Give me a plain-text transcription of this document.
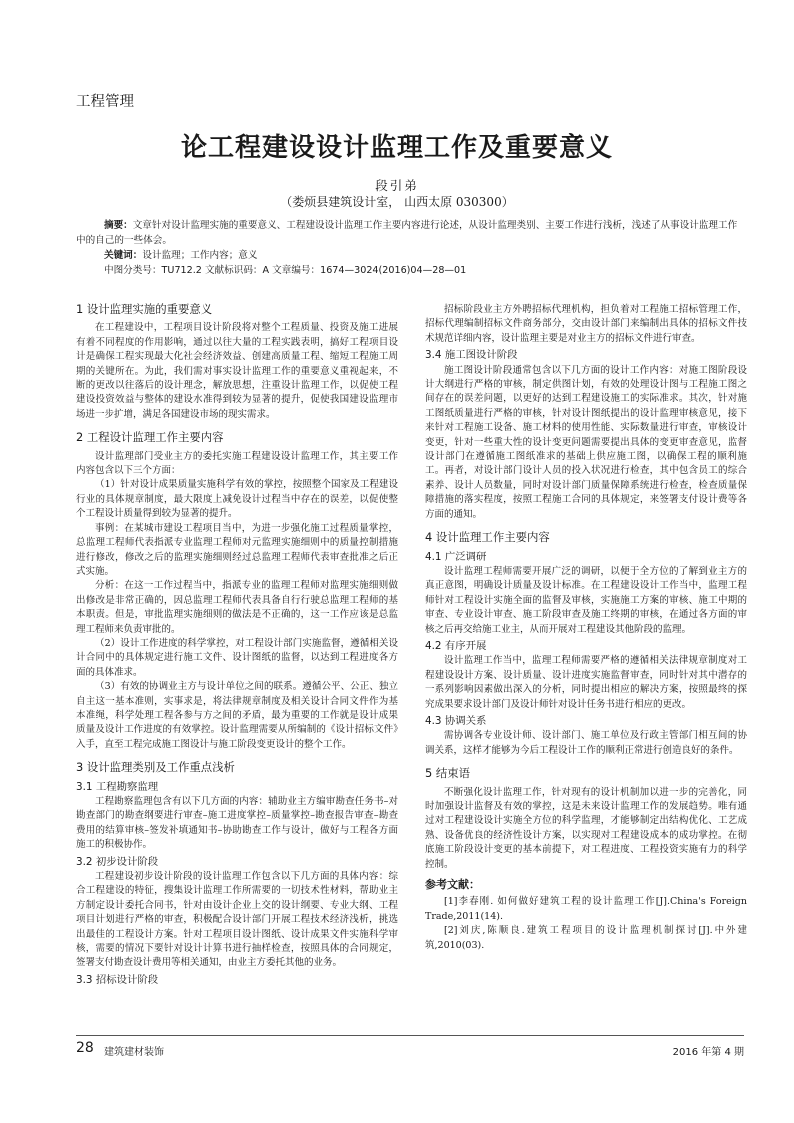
工程管理
论工程建设设计监理工作及重要意义
段引弟
（娄烦县建筑设计室， 山西太原 030300）

摘要：文章针对设计监理实施的重要意义、工程建设设计监理工作主要内容进行论述，从设计监理类别、主要工作进行浅析，浅述了从事设计监理工作中的自己的一些体会。

关键词：设计监理；工作内容；意义

中图分类号：TU712.2 文献标识码：A 文章编号：1674—3024(2016)04—28—01

1 设计监理实施的重要意义

在工程建设中，工程项目设计阶段将对整个工程质量、投资及施工进展有着不同程度的作用影响，通过以往大量的工程实践表明，搞好工程项目设计是确保工程实现最大化社会经济效益、创建高质量工程、缩短工程施工周期的关键所在。为此，我们需对事实设计监理工作的重要意义重视起来，不断的更改以往落后的设计理念，解放思想，注重设计监理工作，以促使工程建设投资效益与整体的建设水准得到较为显著的提升，促使我国建设监理市场进一步扩增，满足各国建设市场的现实需求。

2 工程设计监理工作主要内容

设计监理部门受业主方的委托实施工程建设设计监理工作，其主要工作内容包含以下三个方面：

（1）针对设计成果质量实施科学有效的掌控，按照整个国家及工程建设行业的具体规章制度，最大限度上减免设计过程当中存在的误差，以促使整个工程设计质量得到较为显著的提升。

事例：在某城市建设工程项目当中，为进一步强化施工过程质量掌控，总监理工程师代表指派专业监理工程师对元监理实施细则中的质量控制措施进行修改，修改之后的监理实施细则经过总监理工程师代表审查批准之后正式实施。

分析：在这一工作过程当中，指派专业的监理工程师对监理实施细则做出修改是非常正确的，因总监理工程师代表具备自行行驶总监理工程师的基本职责。但是，审批监理实施细则的做法是不正确的，这一工作应该是总监理工程师来负责审批的。

（2）设计工作进度的科学掌控，对工程设计部门实施监督，遵循相关设计合同中的具体规定进行施工文件、设计图纸的监督，以达到工程进度各方面的具体准求。

（3）有效的协调业主方与设计单位之间的联系。遵循公平、公正、独立自主这一基本准则，实事求是，将法律规章制度及相关设计合同文件作为基本准绳，科学处理工程各参与方之间的矛盾，最为重要的工作就是设计成果质量及设计工作进度的有效掌控。设计监理需要从所编制的《设计招标文件》入手，直至工程完成施工图设计与施工阶段变更设计的整个工作。

3 设计监理类别及工作重点浅析
3.1 工程勘察监理

工程勘察监理包含有以下几方面的内容：辅助业主方编审勘查任务书–对勘查部门的勘查纲要进行审查–施工进度掌控–质量掌控–勘查报告审查–勘查费用的结算审核–签发补填通知书–协助勘查工作与设计，做好与工程各方面施工的积极协作。

3.2 初步设计阶段

工程建设初步设计阶段的设计监理工作包含以下几方面的具体内容：综合工程建设的特征，搜集设计监理工作所需要的一切技术性材料，帮助业主方制定设计委托合同书，针对由设计企业上交的设计纲要、专业大纲、工程项目计划进行严格的审查，积极配合设计部门开展工程技术经济浅析，挑选出最佳的工程设计方案。针对工程项目设计图纸、设计成果文件实施科学审核，需要的情况下要针对设计计算书进行抽样检查，按照具体的合同规定，签署支付勘查设计费用等相关通知，由业主方委托其他的业务。

3.3 招标设计阶段

招标阶段业主方外聘招标代理机构，担负着对工程施工招标管理工作，招标代理编制招标文件商务部分，交由设计部门来编制出具体的招标文件技术规范详细内容，设计监理主要是对业主方的招标文件进行审查。

3.4 施工图设计阶段

施工图设计阶段通常包含以下几方面的设计工作内容：对施工图阶段设计大纲进行严格的审核，制定供图计划，有效的处理设计图与工程施工图之间存在的误差问题，以更好的达到工程建设施工的实际准求。其次，针对施工图纸质量进行严格的审核，针对设计图纸提出的设计监理审核意见，接下来针对工程施工设备、施工材料的使用性能、实际数量进行审查，审核设计变更，针对一些重大性的设计变更问题需要提出具体的变更审查意见，监督设计部门在遵循施工图纸准求的基础上供应施工图，以确保工程的顺利施工。再者，对设计部门设计人员的投入状况进行检查，其中包含员工的综合素养、设计人员数量，同时对设计部门质量保障系统进行检查，检查质量保障措施的落实程度，按照工程施工合同的具体规定，来签署支付设计费等各方面的通知。

4 设计监理工作主要内容
4.1 广泛调研

设计监理工程师需要开展广泛的调研，以便于全方位的了解到业主方的真正意图，明确设计质量及设计标准。在工程建设设计工作当中，监理工程师针对工程设计实施全面的监督及审核，实施施工方案的审核、施工中期的审查、专业设计审查、施工阶段审查及施工终期的审核，在通过各方面的审核之后再交给施工业主，从而开展对工程建设其他阶段的监理。

4.2 有序开展

设计监理工作当中，监理工程师需要严格的遵循相关法律规章制度对工程建设设计方案、设计质量、设计进度实施监督审查，同时针对其中潜存的一系列影响因素做出深入的分析，同时提出相应的解决方案，按照最终的探究成果要求设计部门及设计师针对设计任务书进行相应的更改。

4.3 协调关系

需协调各专业设计师、设计部门、施工单位及行政主管部门相互间的协调关系，这样才能够为今后工程设计工作的顺利正常进行创造良好的条件。

5 结束语

不断强化设计监理工作，针对现有的设计机制加以进一步的完善化，同时加强设计监督及有效的掌控，这是未来设计监理工作的发展趋势。唯有通过对工程建设设计实施全方位的科学监理，才能够制定出结构优化、工艺成熟、设备优良的经济性设计方案，以实现对工程建设成本的成功掌控。在彻底施工阶段设计变更的基本前提下，对工程进度、工程投资实施有力的科学控制。

参考文献：

[1]李春刚. 如何做好建筑工程的设计监理工作[J].China's Foreign Trade,2011(14).

[2]刘庆,陈顺良.建筑工程项目的设计监理机制探讨[J].中外建筑,2010(03).

28 建筑建材装饰	2016 年第 4 期
